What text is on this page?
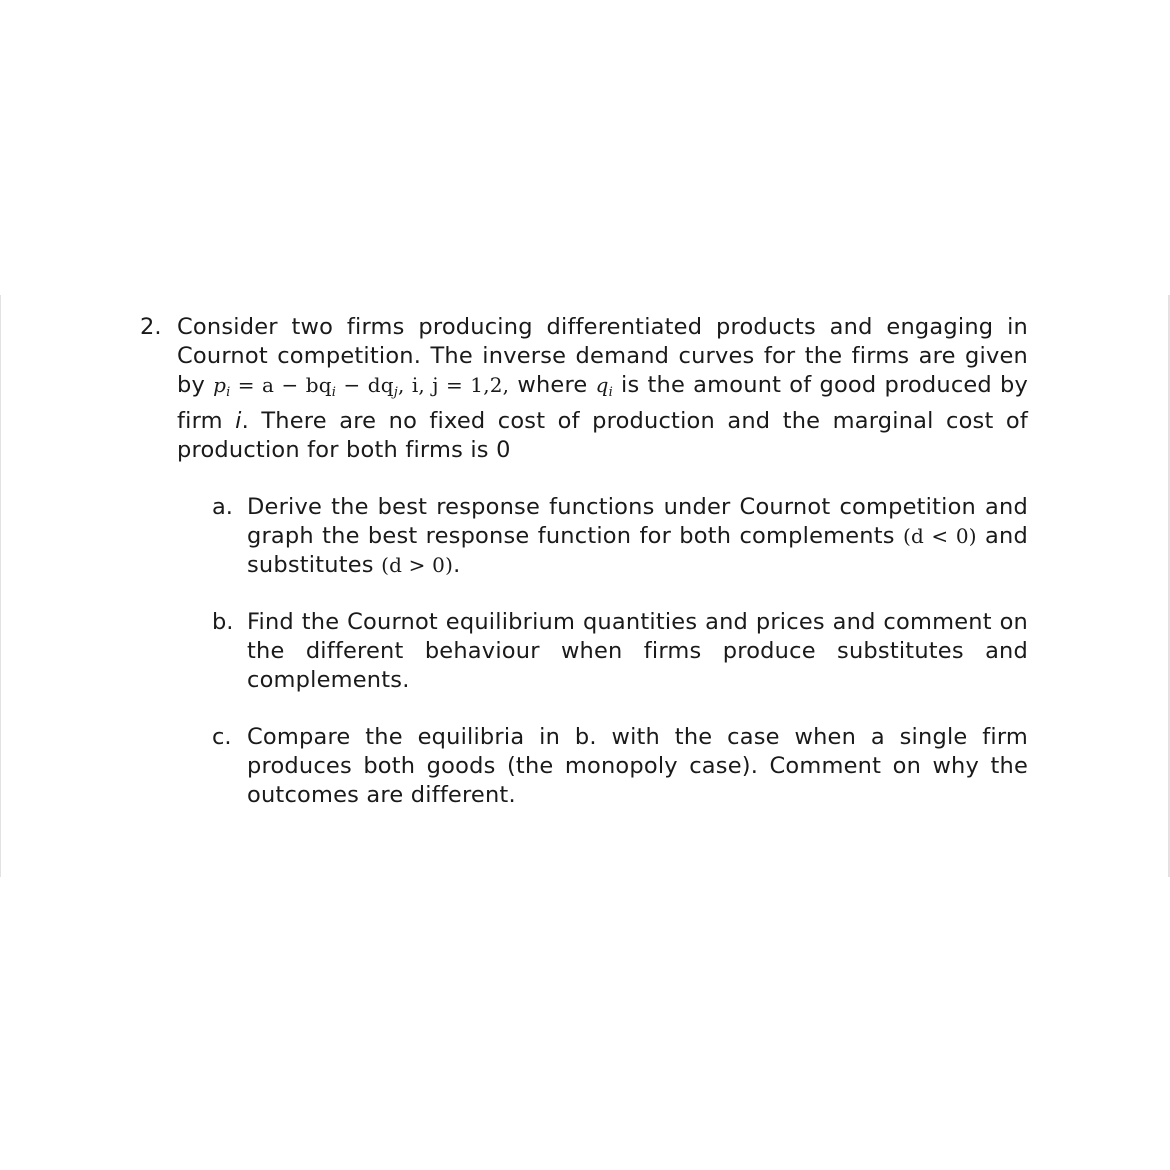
2. Consider two firms producing differentiated products and engaging in Cournot competition. The inverse demand curves for the firms are given by $p_i = a - bq_i - dq_j$, i, j = 1,2, where $q_i$ is the amount of good produced by firm i. There are no fixed cost of production and the marginal cost of production for both firms is 0
a. Derive the best response functions under Cournot competition and graph the best response function for both complements (d < 0) and substitutes (d > 0).
b. Find the Cournot equilibrium quantities and prices and comment on the different behaviour when firms produce substitutes and complements.
c. Compare the equilibria in b. with the case when a single firm produces both goods (the monopoly case). Comment on why the outcomes are different.
